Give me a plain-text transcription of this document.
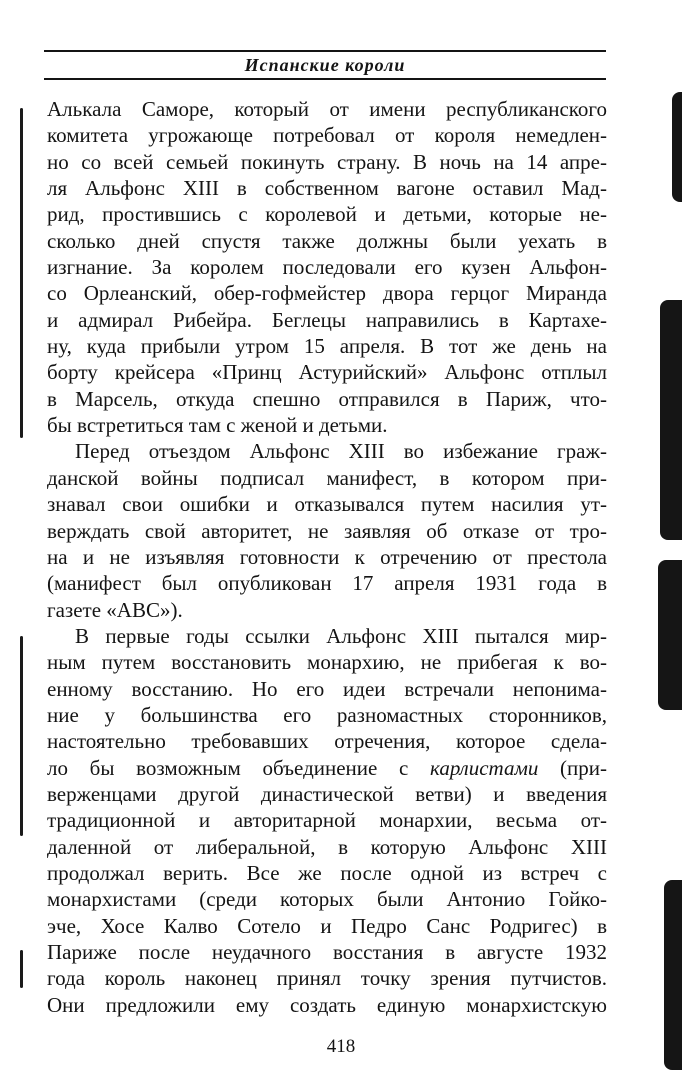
Испанские короли

Алькала Саморе, который от имени республиканского
комитета угрожающе потребовал от короля немедлен-
но со всей семьей покинуть страну. В ночь на 14 апре-
ля Альфонс XIII в собственном вагоне оставил Мад-
рид, простившись с королевой и детьми, которые не-
сколько дней спустя также должны были уехать в
изгнание. За королем последовали его кузен Альфон-
со Орлеанский, обер-гофмейстер двора герцог Миранда
и адмирал Рибейра. Беглецы направились в Картахе-
ну, куда прибыли утром 15 апреля. В тот же день на
борту крейсера «Принц Астурийский» Альфонс отплыл
в Марсель, откуда спешно отправился в Париж, что-
бы встретиться там с женой и детьми.

Перед отъездом Альфонс XIII во избежание граж-
данской войны подписал манифест, в котором при-
знавал свои ошибки и отказывался путем насилия ут-
верждать свой авторитет, не заявляя об отказе от тро-
на и не изъявляя готовности к отречению от престола
(манифест был опубликован 17 апреля 1931 года в
газете «ABC»).

В первые годы ссылки Альфонс XIII пытался мир-
ным путем восстановить монархию, не прибегая к во-
енному восстанию. Но его идеи встречали непонима-
ние у большинства его разномастных сторонников,
настоятельно требовавших отречения, которое сдела-
ло бы возможным объединение с карлистами (при-
верженцами другой династической ветви) и введения
традиционной и авторитарной монархии, весьма от-
даленной от либеральной, в которую Альфонс XIII
продолжал верить. Все же после одной из встреч с
монархистами (среди которых были Антонио Гойко-
эче, Хосе Калво Сотело и Педро Санс Родригес) в
Париже после неудачного восстания в августе 1932
года король наконец принял точку зрения путчистов.
Они предложили ему создать единую монархистскую

418
